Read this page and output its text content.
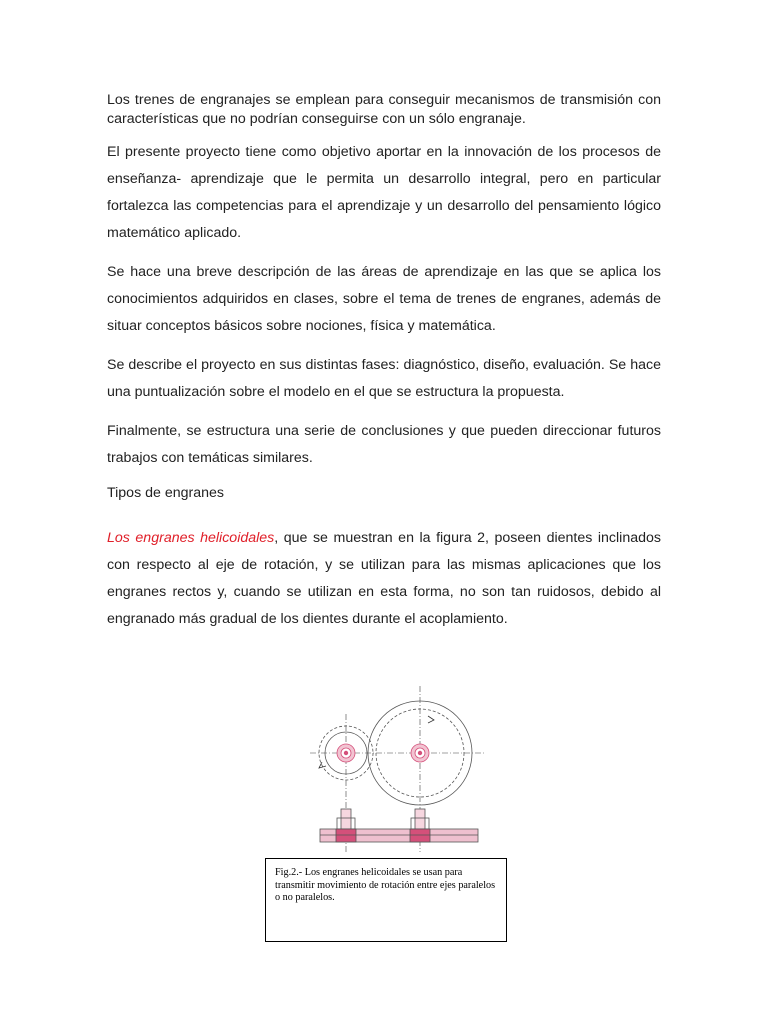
Los trenes de engranajes se emplean para conseguir mecanismos de transmisión con características que no podrían conseguirse con un sólo engranaje.

El presente proyecto tiene como objetivo aportar en la innovación de los procesos de enseñanza- aprendizaje que le permita un desarrollo integral, pero en particular fortalezca las competencias para el aprendizaje y un desarrollo del pensamiento lógico matemático aplicado.

Se hace una breve descripción de las áreas de aprendizaje en las que se aplica los conocimientos adquiridos en clases, sobre el tema de trenes de engranes, además de situar conceptos básicos sobre nociones, física y matemática.

Se describe el proyecto en sus distintas fases: diagnóstico, diseño, evaluación. Se hace una puntualización sobre el modelo en el que se estructura la propuesta.

Finalmente, se estructura una serie de conclusiones y que pueden direccionar futuros trabajos con temáticas similares.

Tipos de engranes

Los engranes helicoidales, que se muestran en la figura 2, poseen dientes inclinados con respecto al eje de rotación, y se utilizan para las mismas aplicaciones que los engranes rectos y, cuando se utilizan en esta forma, no son tan ruidosos, debido al engranado más gradual de los dientes durante el acoplamiento.

Fig.2.- Los engranes helicoidales se usan para transmitir movimiento de rotación entre ejes paralelos o no paralelos.
